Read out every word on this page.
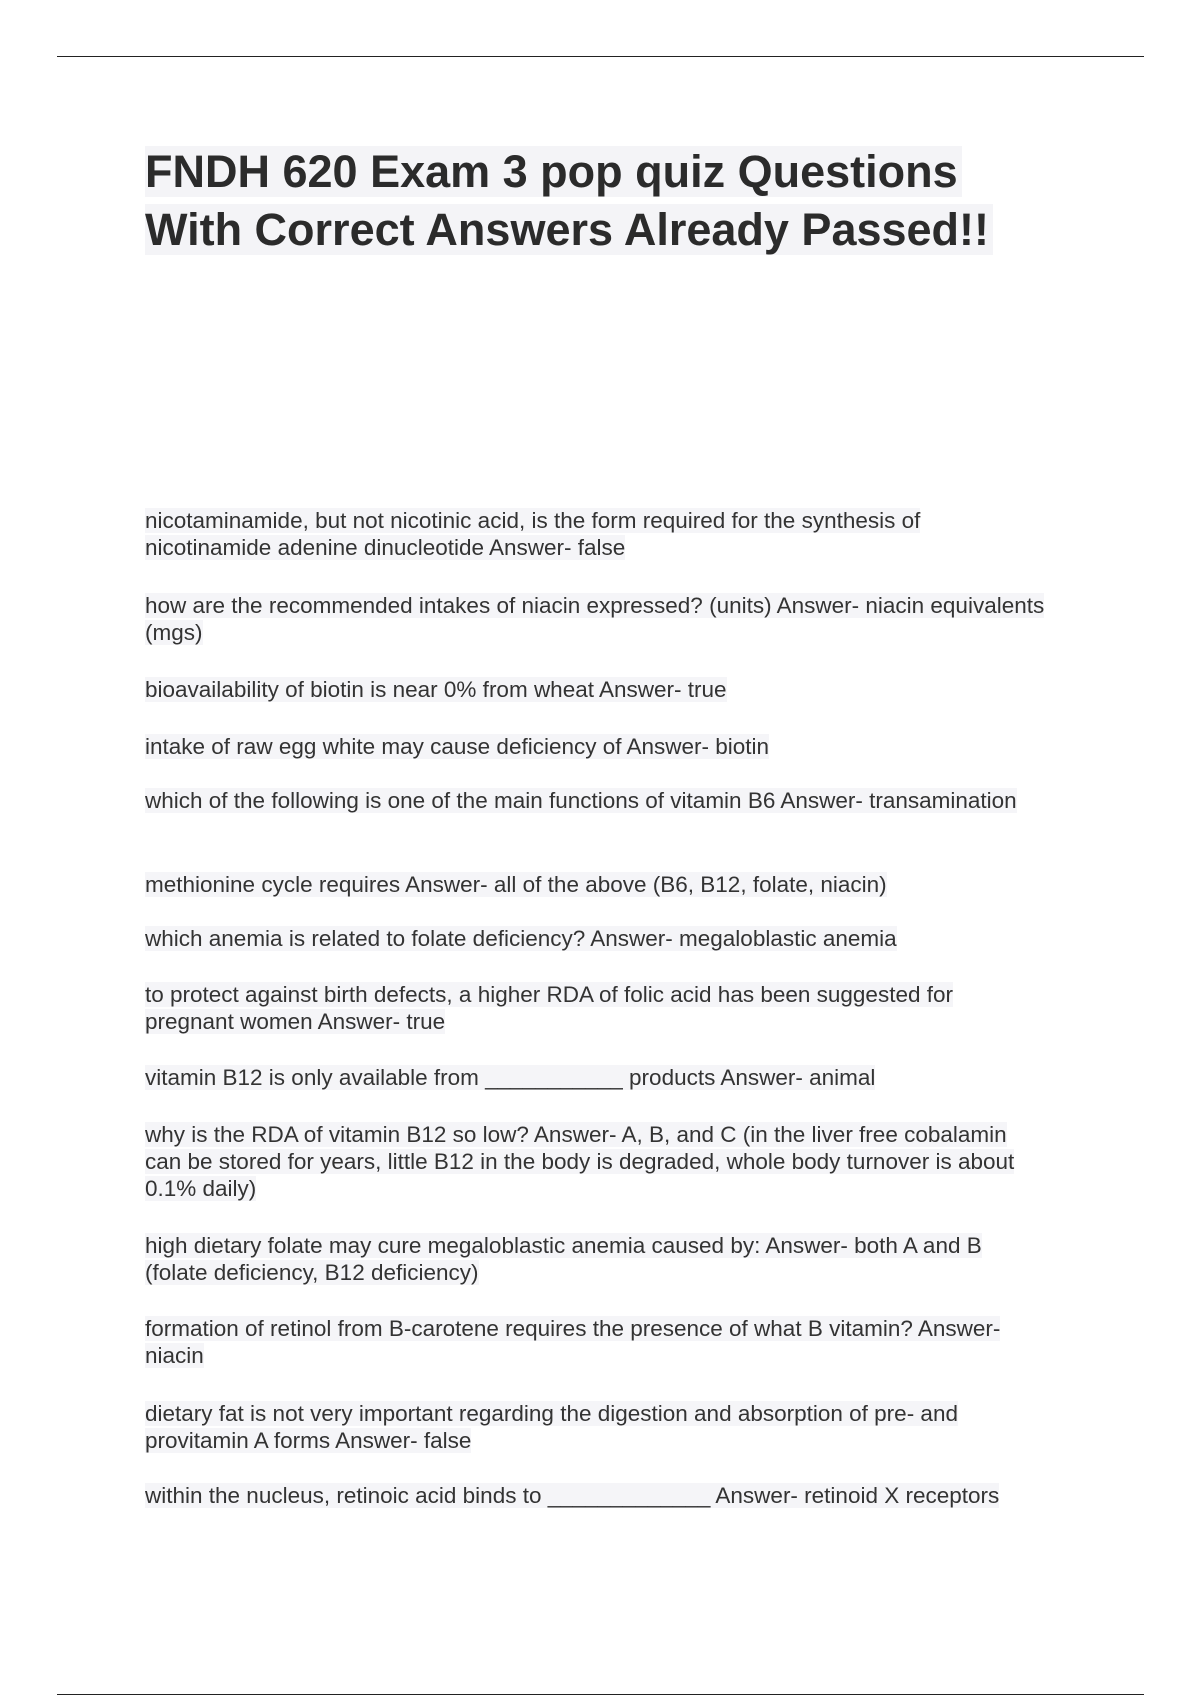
FNDH 620 Exam 3 pop quiz Questions With Correct Answers Already Passed!!

nicotaminamide, but not nicotinic acid, is the form required for the synthesis of nicotinamide adenine dinucleotide Answer- false

how are the recommended intakes of niacin expressed? (units) Answer- niacin equivalents (mgs)

bioavailability of biotin is near 0% from wheat Answer- true

intake of raw egg white may cause deficiency of Answer- biotin

which of the following is one of the main functions of vitamin B6 Answer- transamination

methionine cycle requires Answer- all of the above (B6, B12, folate, niacin)

which anemia is related to folate deficiency? Answer- megaloblastic anemia

to protect against birth defects, a higher RDA of folic acid has been suggested for pregnant women Answer- true

vitamin B12 is only available from ___________ products Answer- animal

why is the RDA of vitamin B12 so low? Answer- A, B, and C (in the liver free cobalamin can be stored for years, little B12 in the body is degraded, whole body turnover is about 0.1% daily)

high dietary folate may cure megaloblastic anemia caused by: Answer- both A and B (folate deficiency, B12 deficiency)

formation of retinol from B-carotene requires the presence of what B vitamin? Answer- niacin

dietary fat is not very important regarding the digestion and absorption of pre- and provitamin A forms Answer- false

within the nucleus, retinoic acid binds to _____________ Answer- retinoid X receptors
